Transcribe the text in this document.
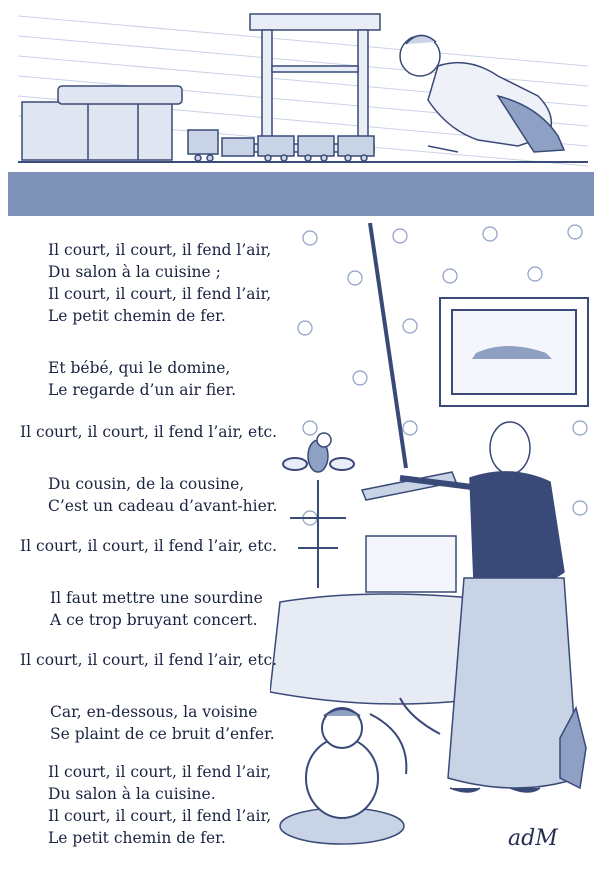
Il court, il court, il fend l’air,
Du salon à la cuisine ;
Il court, il court, il fend l’air,
Le petit chemin de fer.
Et bébé, qui le domine,
Le regarde d’un air fier.
Il court, il court, il fend l’air, etc.
Du cousin, de la cousine,
C’est un cadeau d’avant-hier.
Il court, il court, il fend l’air, etc.
Il faut mettre une sourdine
A ce trop bruyant concert.
Il court, il court, il fend l’air, etc.
Car, en-dessous, la voisine
Se plaint de ce bruit d’enfer.
Il court, il court, il fend l’air,
Du salon à la cuisine.
Il court, il court, il fend l’air,
Le petit chemin de fer.	adM
